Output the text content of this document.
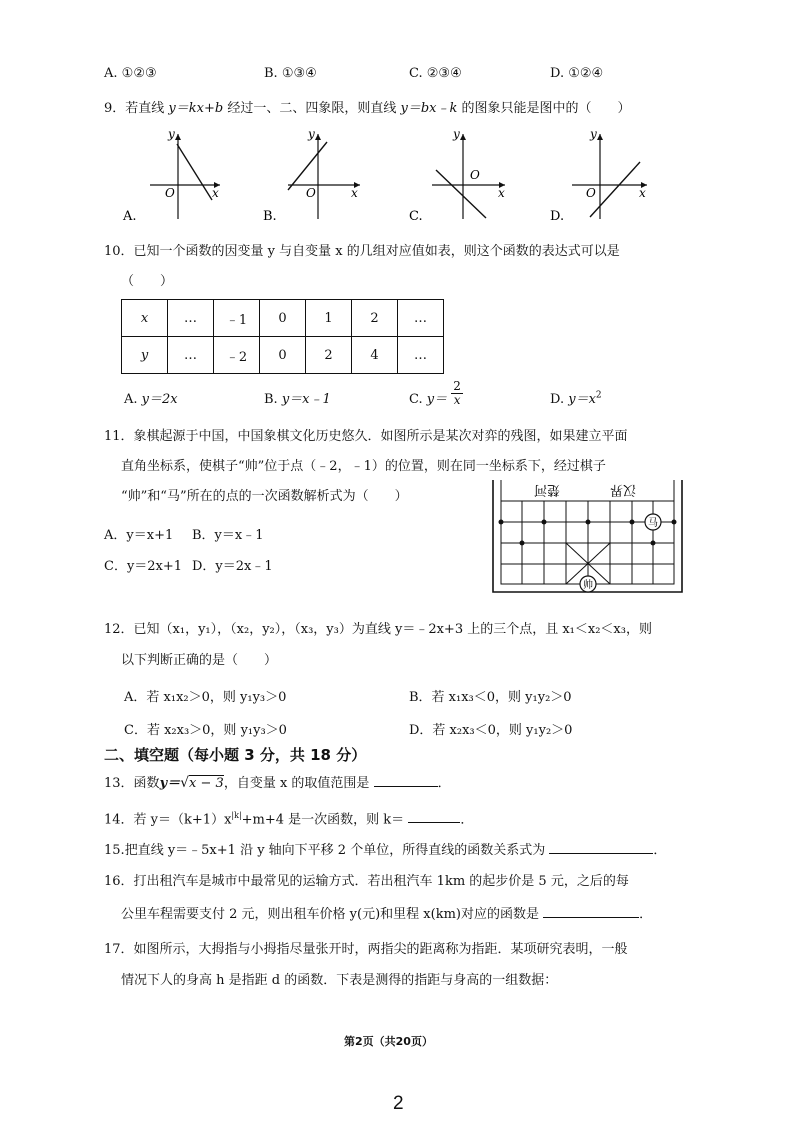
A. ①②③	B. ①③④	C. ②③④	D. ①②④
9．若直线 y＝kx+b 经过一、二、四象限，则直线 y＝bx﹣k 的图象只能是图中的（　　）
y
O	x
A.
y
O	x
B.
y
O
x
C.
y
O	x
D.
10．已知一个函数的因变量 y 与自变量 x 的几组对应值如表，则这个函数的表达式可以是
（　　）
x	…	﹣1	0	1	2	…
y	…	﹣2	0	2	4	…
A. y＝2x	B. y＝x﹣1	C. $y= \frac{2}{x}$	D. $y=x^2$
11．象棋起源于中国，中国象棋文化历史悠久．如图所示是某次对弈的残图，如果建立平面
直角坐标系，使棋子“帅”位于点（﹣2，﹣1）的位置，则在同一坐标系下，经过棋子
“帅”和“马”所在的点的一次函数解析式为（　　）
A．y＝x+1 B．y＝x﹣1
C．y＝2x+1 D．y＝2x﹣1
楚河	汉界
马
帅
12．已知（x₁，y₁），（x₂，y₂），（x₃，y₃）为直线 y＝﹣2x+3 上的三个点，且 x₁＜x₂＜x₃，则
以下判断正确的是（　　）
A．若 x₁x₂＞0，则 y₁y₃＞0	B．若 x₁x₃＜0，则 y₁y₂＞0
C．若 x₂x₃＞0，则 y₁y₃＞0	D．若 x₂x₃＜0，则 y₁y₂＞0
二、填空题（每小题 3 分，共 18 分）
13．函数y＝√x − 3，自变量 x 的取值范围是	．
14．若 $y=(k+1)x^{|k|}+m+4$ 是一次函数，则 k＝	．
15.把直线 y＝﹣5x+1 沿 y 轴向下平移 2 个单位，所得直线的函数关系式为	．
16．打出租汽车是城市中最常见的运输方式．若出租汽车 1km 的起步价是 5 元，之后的每
公里车程需要支付 2 元，则出租车价格 y(元)和里程 x(km)对应的函数是	．
17．如图所示，大拇指与小拇指尽量张开时，两指尖的距离称为指距．某项研究表明，一般
情况下人的身高 h 是指距 d 的函数．下表是测得的指距与身高的一组数据：
第2页（共20页）
2
